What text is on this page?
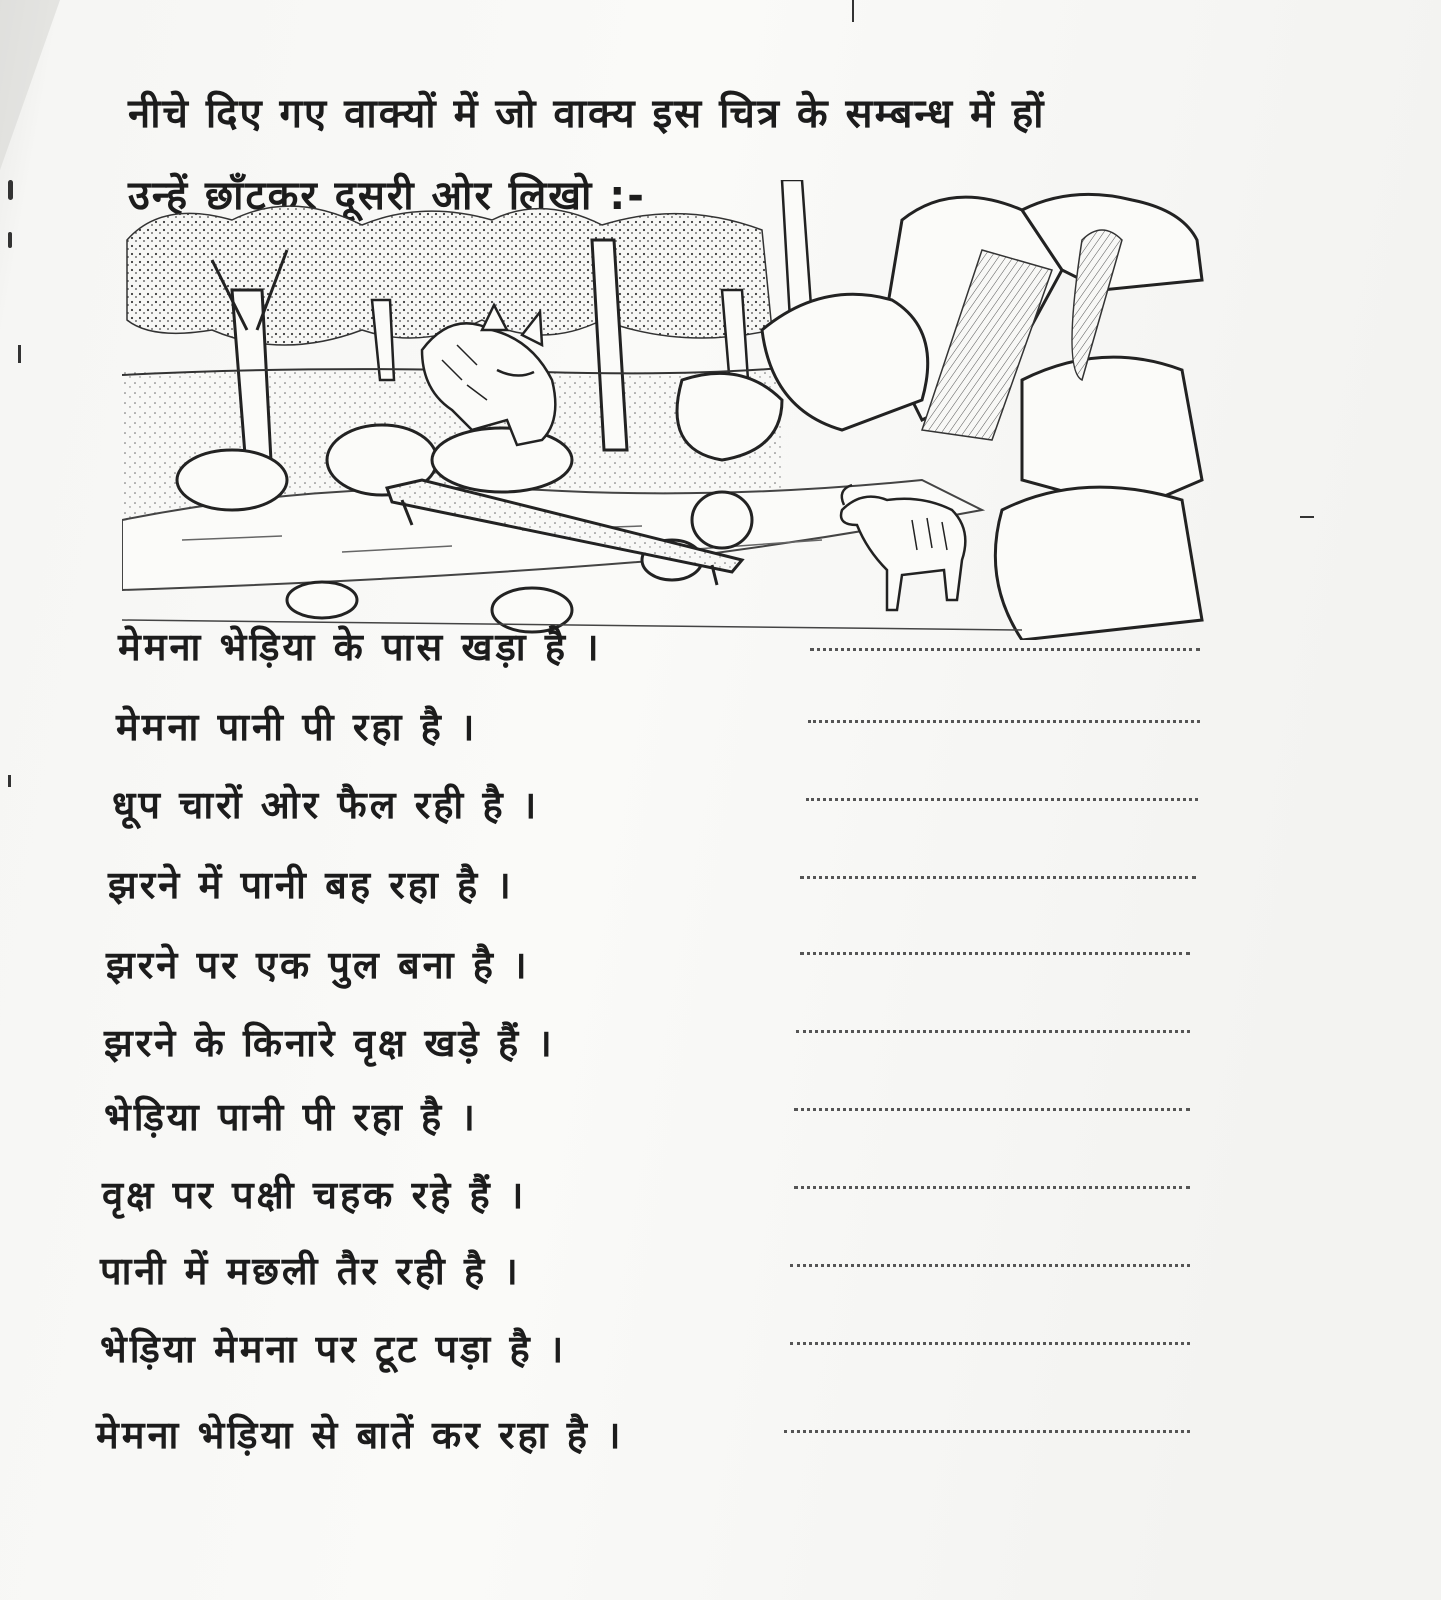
नीचे दिए गए वाक्यों में जो वाक्य इस चित्र के सम्बन्ध में हों
उन्हें छाँटकर दूसरी ओर लिखो :-
मेमना भेड़िया के पास खड़ा है ।
मेमना पानी पी रहा है ।
धूप चारों ओर फैल रही है ।
झरने में पानी बह रहा है ।
झरने पर एक पुल बना है ।
झरने के किनारे वृक्ष खड़े हैं ।
भेड़िया पानी पी रहा है ।
वृक्ष पर पक्षी चहक रहे हैं ।
पानी में मछली तैर रही है ।
भेड़िया मेमना पर टूट पड़ा है ।
मेमना भेड़िया से बातें कर रहा है ।
